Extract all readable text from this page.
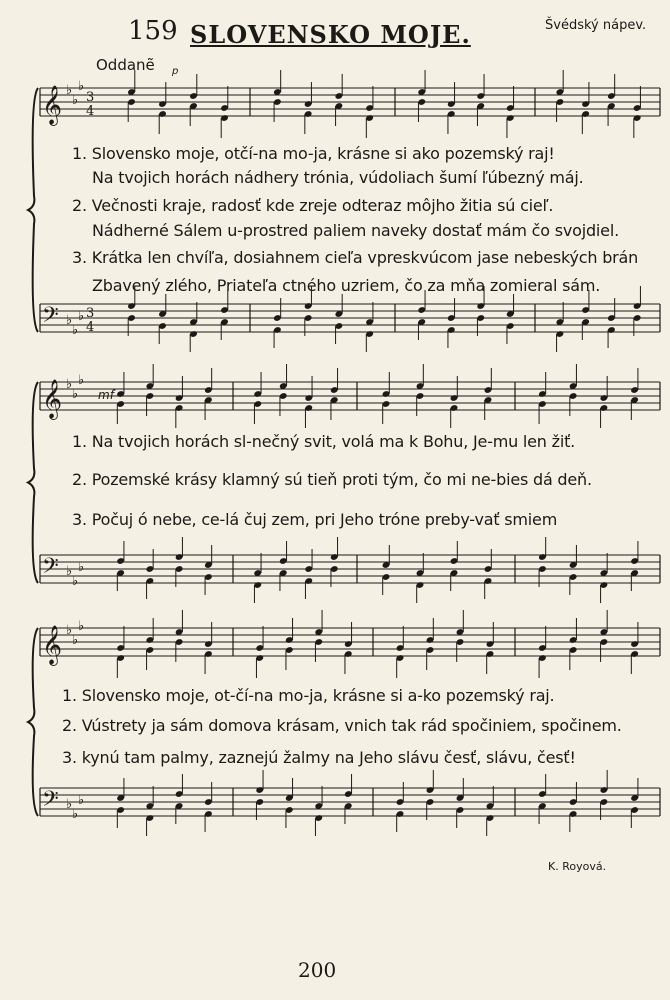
𝄞
𝄢
♭
♭
♭
♭
♭
♭
3
4
3
4
𝄞
𝄢
♭
♭
♭
♭
♭
♭
𝄞
𝄢
♭
♭
♭
♭
♭
♭
159 SLOVENSKO MOJE.	Švédský nápev.
Oddanẽ p
mf
1. Slovensko moje, otčí-na mo-ja, krásne si ako pozemský raj!
Na tvojich horách nádhery trónia, vúdoliach šumí ľúbezný máj.
2. Večnosti kraje, radosť kde zreje odteraz môjho žitia sú cieľ.
Nádherné Sálem u-prostred paliem naveky dostať mám čo svojdiel.
3. Krátka len chvíľa, dosiahnem cieľa vpreskvúcom jase nebeských brán
Zbavený zlého, Priateľa ctného uzriem, čo za mňa zomieral sám.
1. Na tvojich horách sl-nečný svit, volá ma k Bohu, Je-mu len žiť.
2. Pozemské krásy klamný sú tieň proti tým, čo mi ne-bies dá deň.
3. Počuj ó nebe, ce-lá čuj zem, pri Jeho tróne preby-vať smiem
1. Slovensko moje, ot-čí-na mo-ja, krásne si a-ko pozemský raj.
2. Vústrety ja sám domova krásam, vnich tak rád spočiniem, spočinem.
3. kynú tam palmy, zaznejú žalmy na Jeho slávu česť, slávu, česť!
K. Royová.
200
